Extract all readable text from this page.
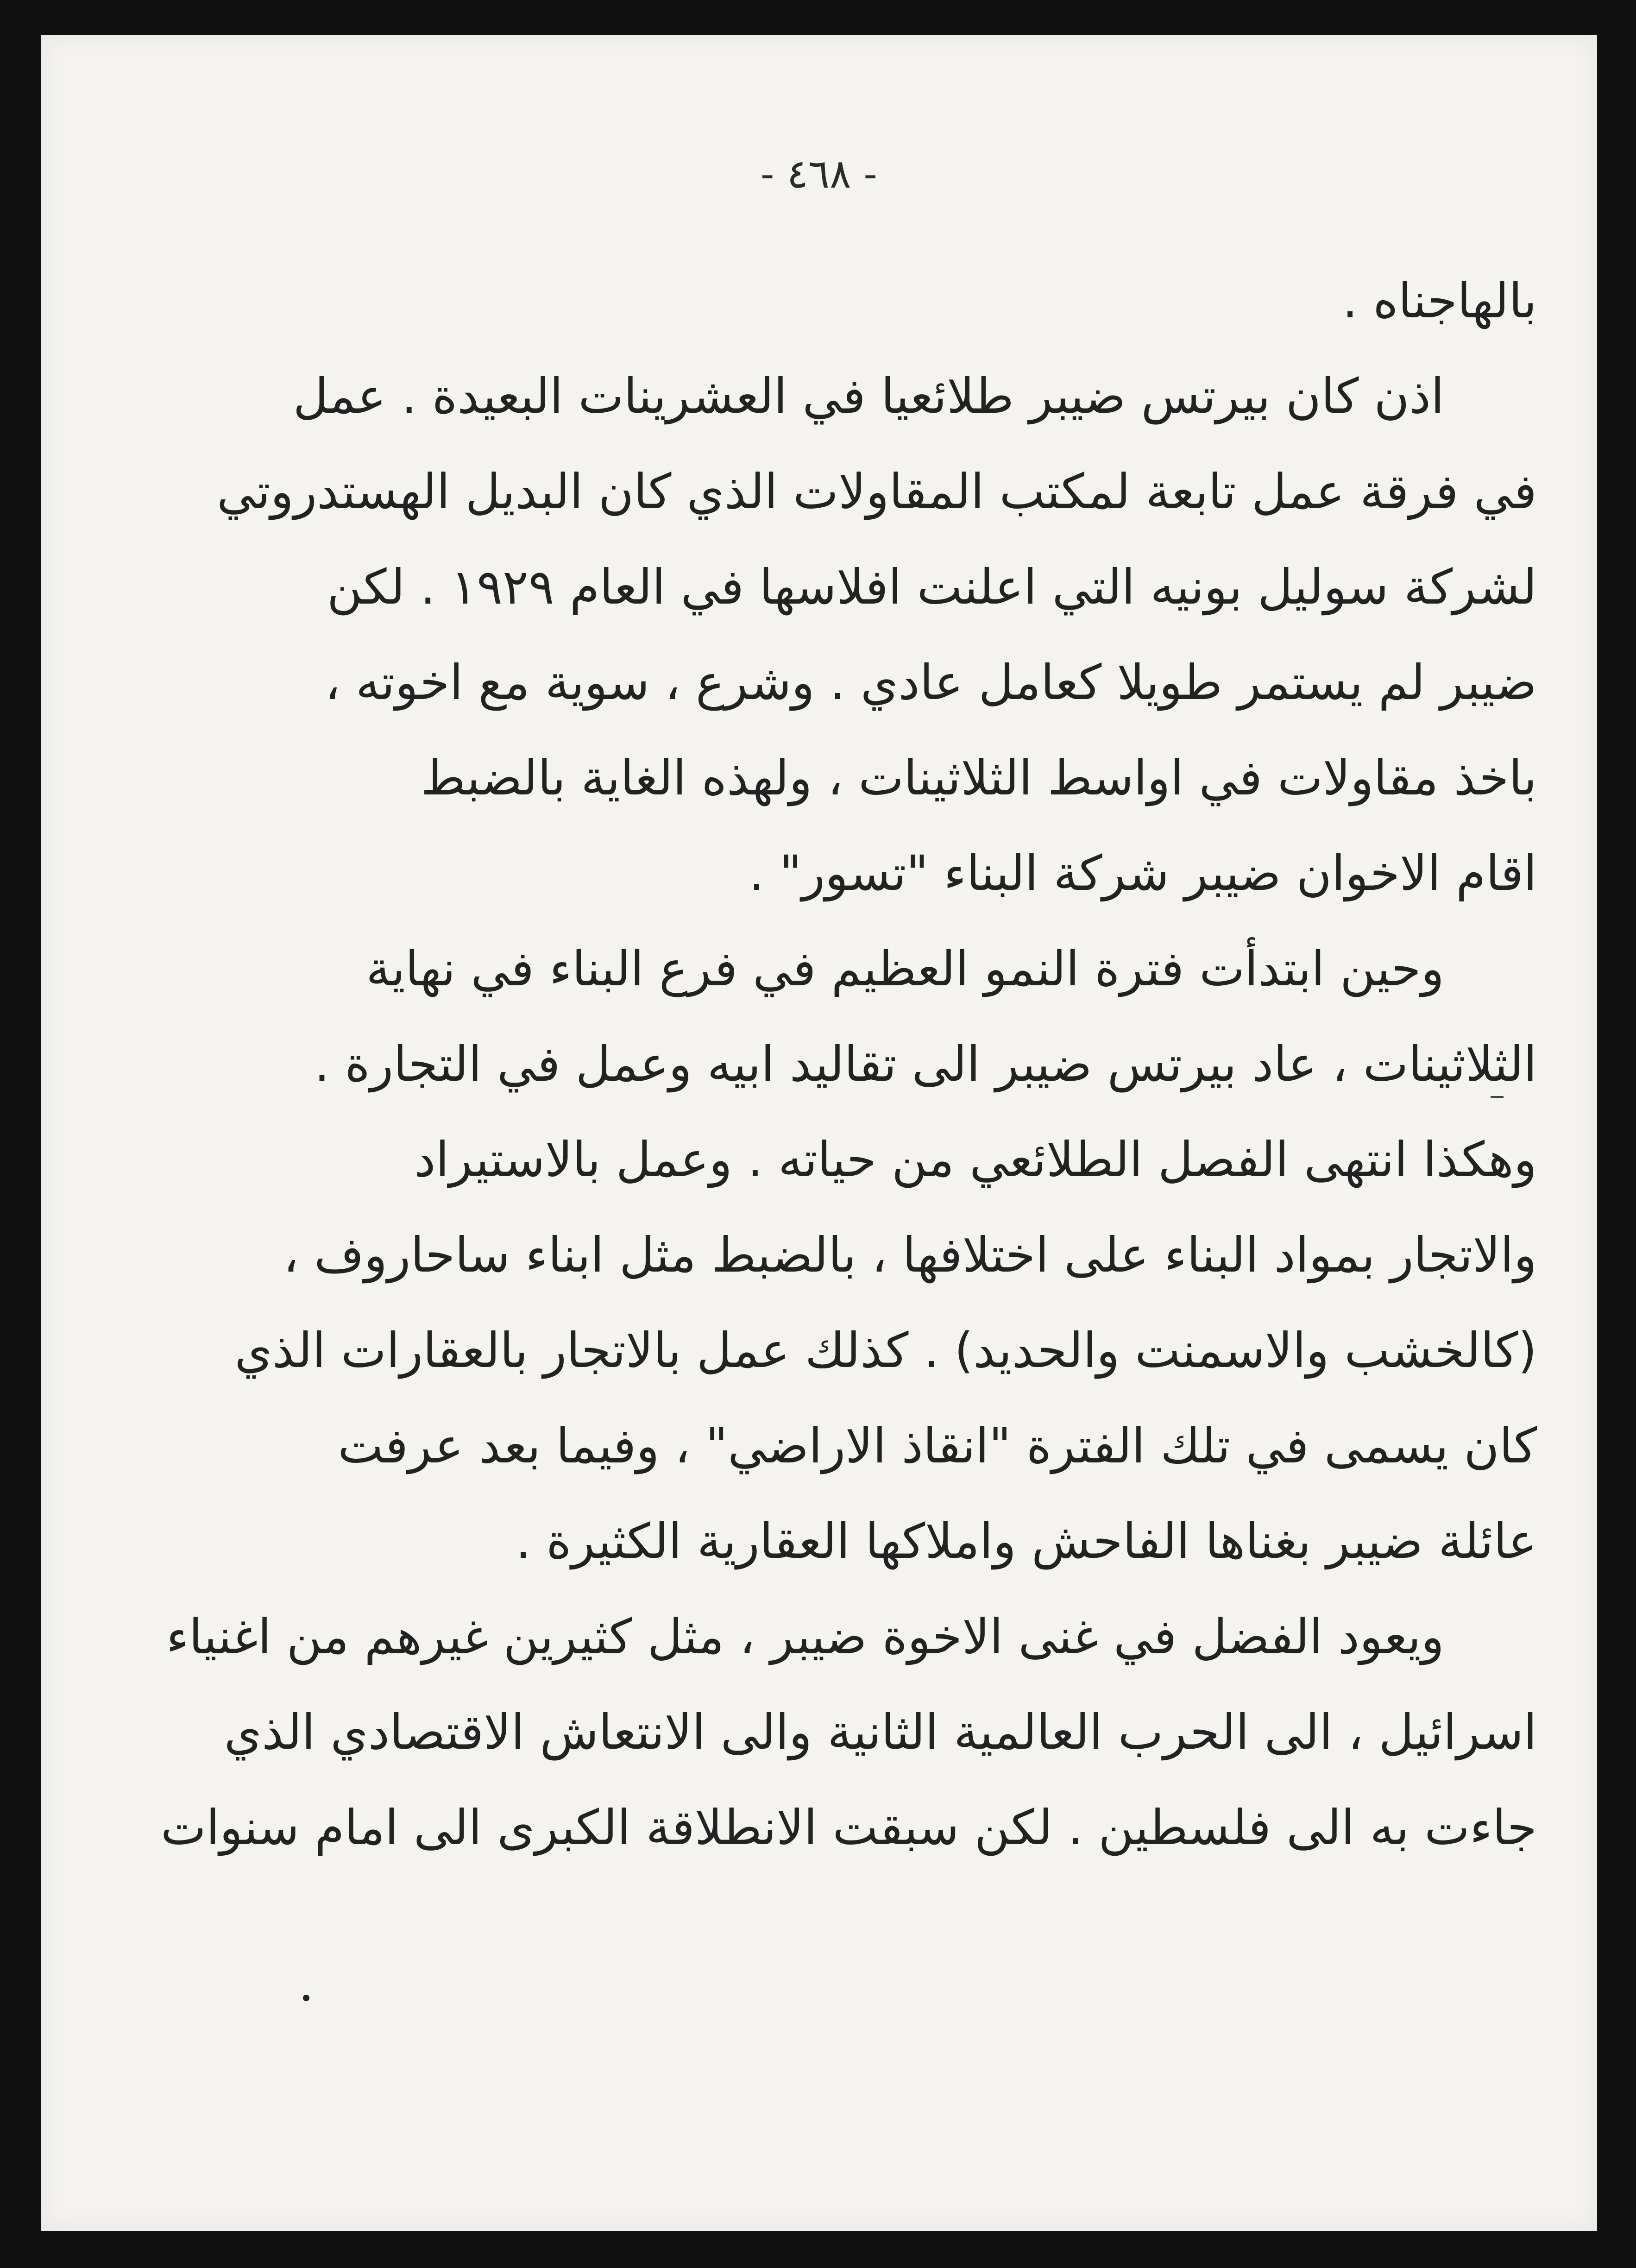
- ٤٦٨ -
بالهاجناه .
اذن كان بيرتس ضيبر طلائعيا في العشرينات البعيدة . عمل
في فرقة عمل تابعة لمكتب المقاولات الذي كان البديل الهستدروتي
لشركة سوليل بونيه التي اعلنت افلاسها في العام ١٩٢٩ . لكن
ضيبر لم يستمر طويلا كعامل عادي . وشرع ، سوية مع اخوته ،
باخذ مقاولات في اواسط الثلاثينات ، ولهذه الغاية بالضبط
اقام الاخوان ضيبر شركة البناء "تسور" .
وحين ابتدأت فترة النمو العظيم في فرع البناء في نهاية
الثلاثينات ، عاد بيرتس ضيبر الى تقاليد ابيه وعمل في التجارة .
وهكذا انتهى الفصل الطلائعي من حياته . وعمل بالاستيراد
والاتجار بمواد البناء على اختلافها ، بالضبط مثل ابناء ساحاروف ،
(كالخشب والاسمنت والحديد) . كذلك عمل بالاتجار بالعقارات الذي
كان يسمى في تلك الفترة "انقاذ الاراضي" ، وفيما بعد عرفت
عائلة ضيبر بغناها الفاحش واملاكها العقارية الكثيرة .
ويعود الفضل في غنى الاخوة ضيبر ، مثل كثيرين غيرهم من اغنياء
اسرائيل ، الى الحرب العالمية الثانية والى الانتعاش الاقتصادي الذي
جاءت به الى فلسطين . لكن سبقت الانطلاقة الكبرى الى امام سنوات
